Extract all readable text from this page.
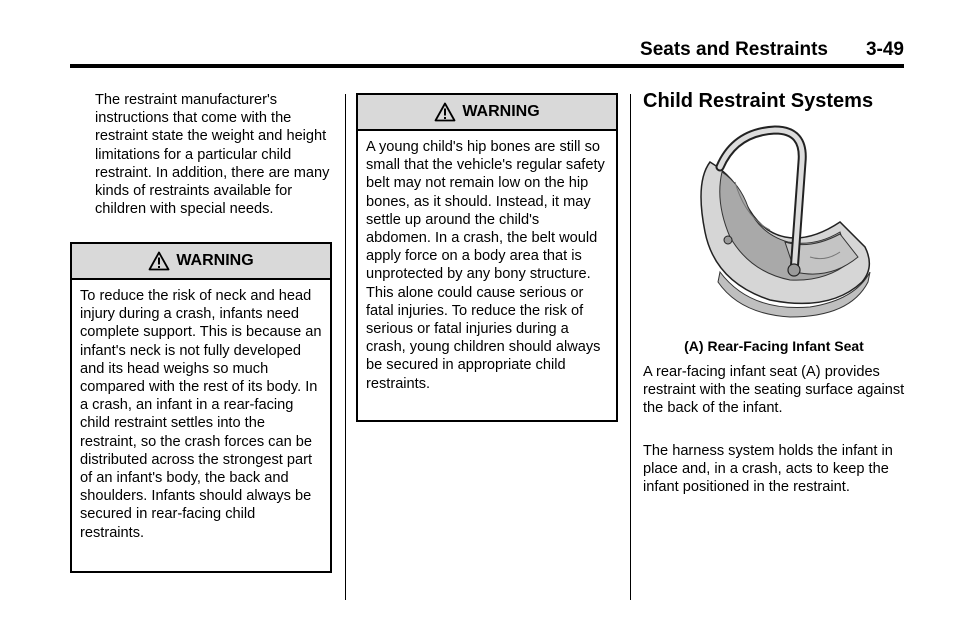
Seats and Restraints 3-49
The restraint manufacturer's instructions that come with the restraint state the weight and height limitations for a particular child restraint. In addition, there are many kinds of restraints available for children with special needs.
WARNING
To reduce the risk of neck and head injury during a crash, infants need complete support. This is because an infant's neck is not fully developed and its head weighs so much compared with the rest of its body. In a crash, an infant in a rear-facing child restraint settles into the restraint, so the crash forces can be distributed across the strongest part of an infant's body, the back and shoulders. Infants should always be secured in rear-facing child restraints.
WARNING
A young child's hip bones are still so small that the vehicle's regular safety belt may not remain low on the hip bones, as it should. Instead, it may settle up around the child's abdomen. In a crash, the belt would apply force on a body area that is unprotected by any bony structure. This alone could cause serious or fatal injuries. To reduce the risk of serious or fatal injuries during a crash, young children should always be secured in appropriate child restraints.
Child Restraint Systems
(A) Rear-Facing Infant Seat
A rear-facing infant seat (A) provides restraint with the seating surface against the back of the infant.
The harness system holds the infant in place and, in a crash, acts to keep the infant positioned in the restraint.
